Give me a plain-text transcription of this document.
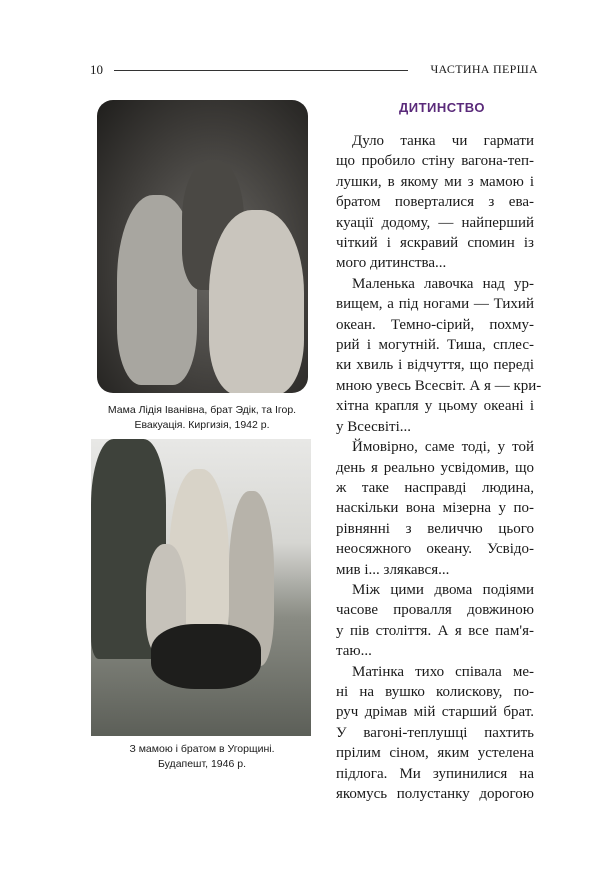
10	ЧАСТИНА ПЕРША
Мама Лідія Іванівна, брат Эдік, та Ігор.
Евакуація. Киргизія, 1942 р.
З мамою і братом в Угорщині.
Будапешт, 1946 р.
ДИТИНСТВО
Дуло танка чи гармати
що пробило стіну вагона-теп-
лушки, в якому ми з мамою і
братом поверталися з ева-
куації додому, — найперший
чіткий і яскравий спомин із
мого дитинства...
Маленька лавочка над ур-
вищем, а під ногами — Тихий
океан. Темно-сірий, похму-
рий і могутній. Тиша, сплес-
ки хвиль і відчуття, що переді
мною увесь Всесвіт. А я — кри-
хітна крапля у цьому океані і
у Всесвіті...
Ймовірно, саме тоді, у той
день я реально усвідомив, що
ж таке насправді людина,
наскільки вона мізерна у по-
рівнянні з величчю цього
неосяжного океану. Усвідо-
мив і... злякався...
Між цими двома подіями
часове провалля довжиною
у пів століття. А я все пам'я-
таю...
Матінка тихо співала ме-
ні на вушко колискову, по-
руч дрімав мій старший брат.
У вагоні-теплушці пахтить
прілим сіном, яким устелена
підлога. Ми зупинилися на
якомусь полустанку дорогою
